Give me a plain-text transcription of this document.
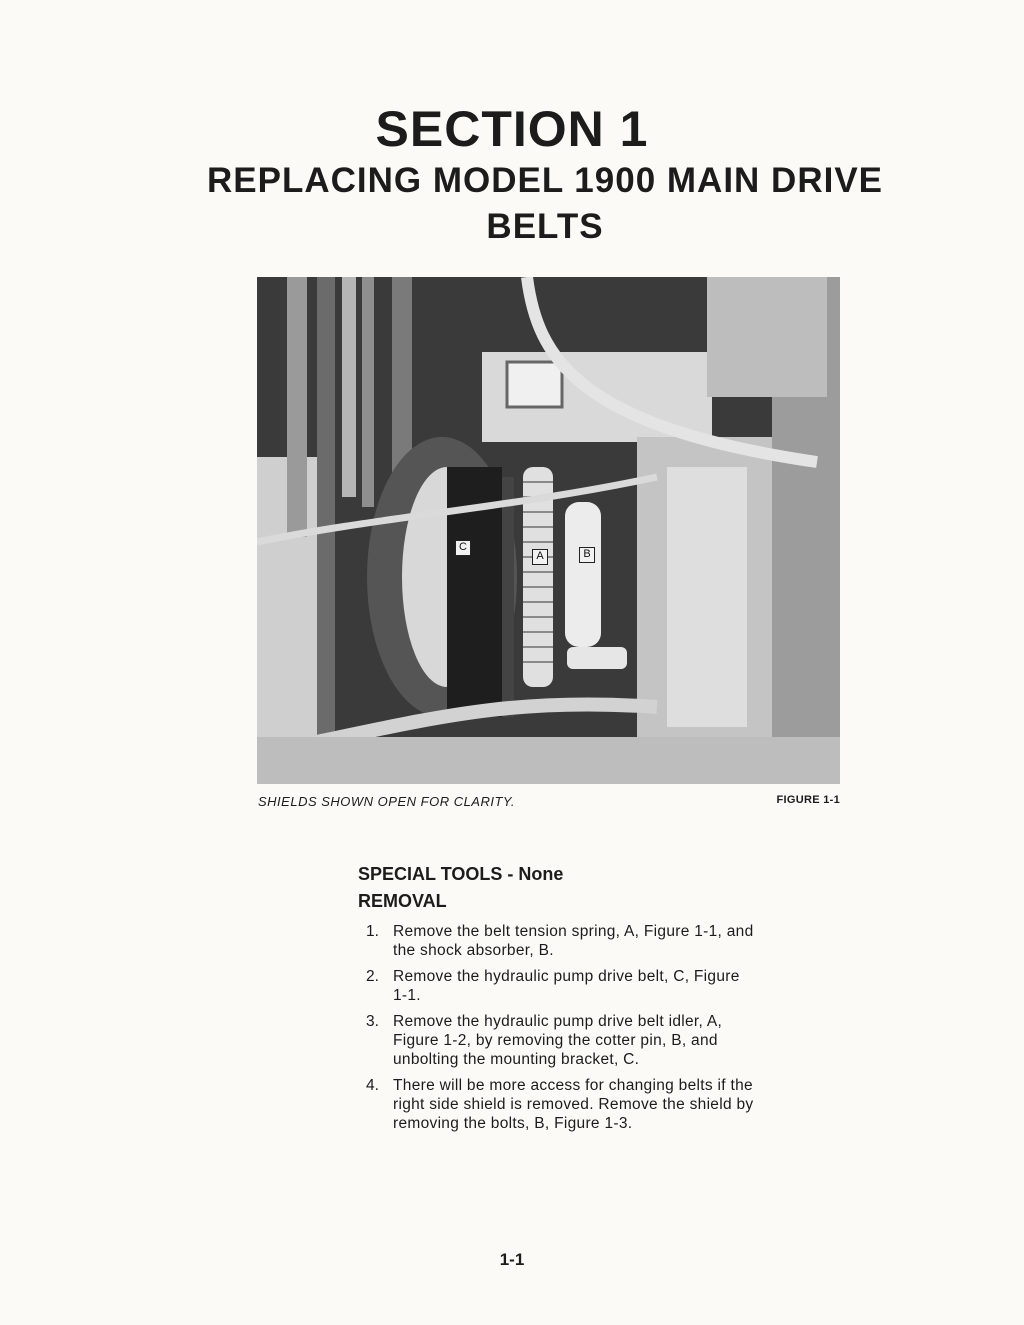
SECTION 1
REPLACING MODEL 1900 MAIN DRIVE
BELTS
C
A	B
SHIELDS SHOWN OPEN FOR CLARITY.	FIGURE 1-1
SPECIAL TOOLS - None
REMOVAL
1. Remove the belt tension spring, A, Figure 1-1, and the shock absorber, B.
2. Remove the hydraulic pump drive belt, C, Figure 1-1.
3. Remove the hydraulic pump drive belt idler, A, Figure 1-2, by removing the cotter pin, B, and unbolting the mounting bracket, C.
4. There will be more access for changing belts if the right side shield is removed. Remove the shield by removing the bolts, B, Figure 1-3.
1-1
